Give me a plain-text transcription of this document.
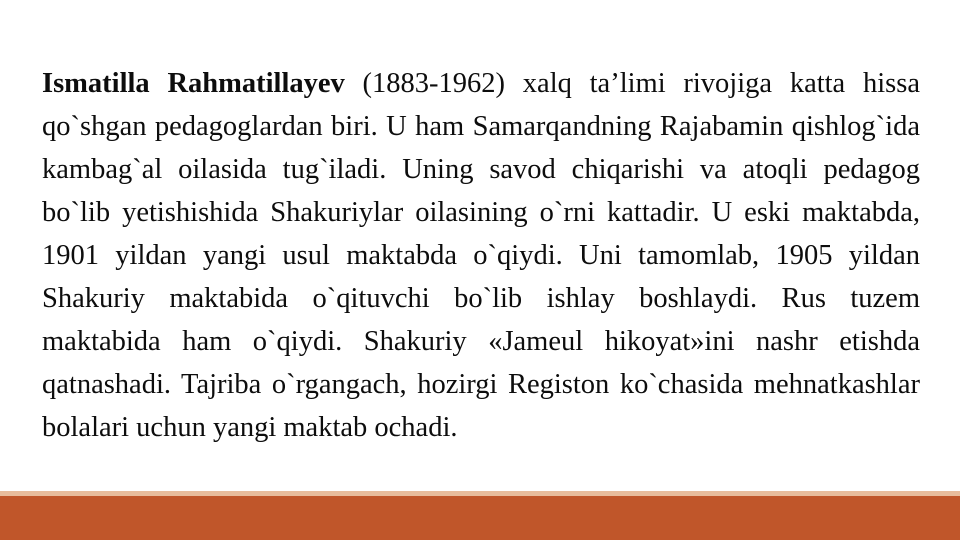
Ismatilla Rahmatillayev (1883-1962) xalq ta’limi rivojiga katta hissa qo`shgan pedagoglardan biri. U ham Samarqandning Rajabamin qishlog`ida kambag`al oilasida tug`iladi. Uning savod chiqarishi va atoqli pedagog bo`lib yetishishida Shakuriylar oilasining o`rni kattadir. U eski maktabda, 1901 yildan yangi usul maktabda o`qiydi. Uni tamomlab, 1905 yildan Shakuriy maktabida o`qituvchi bo`lib ishlay boshlaydi. Rus tuzem maktabida ham o`qiydi. Shakuriy «Jameul hikoyat»ini nashr etishda qatnashadi. Tajriba o`rgangach, hozirgi Registon ko`chasida mehnatkashlar bolalari uchun yangi maktab ochadi.
